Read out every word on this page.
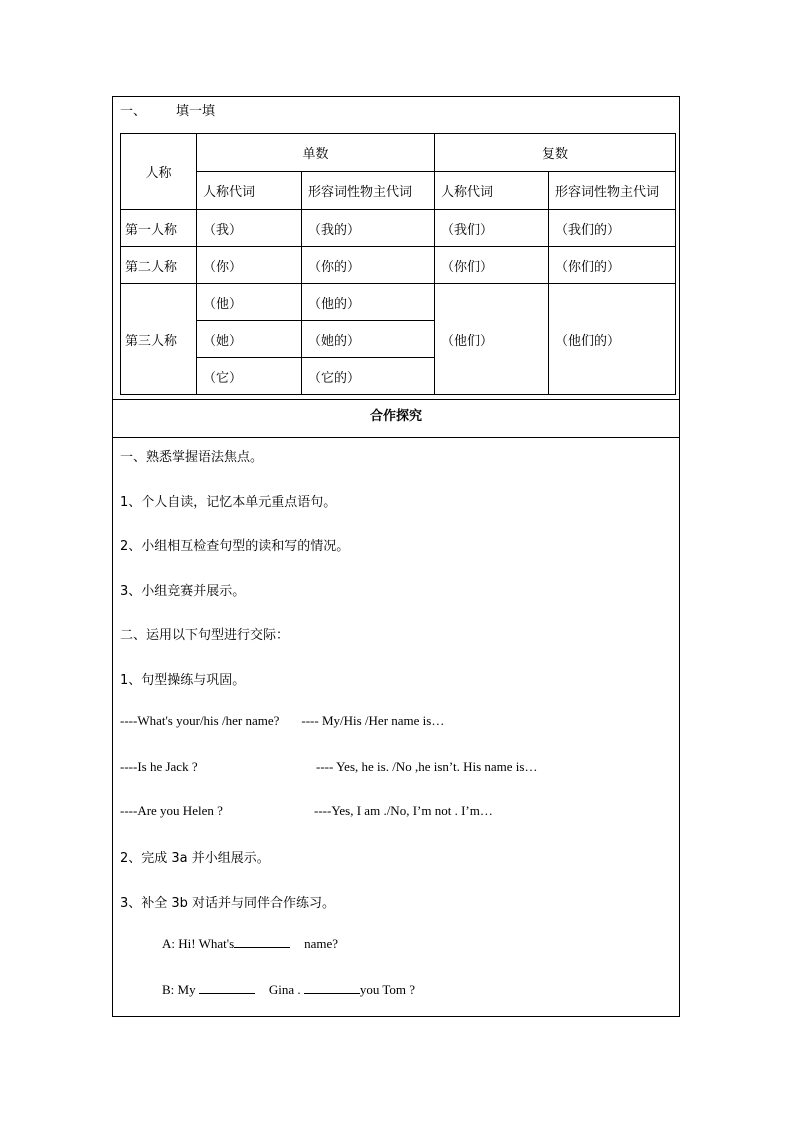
一、 填一填
人称	单数		复数	
	人称代词	形容词性物主代词	人称代词	形容词性物主代词
第一人称	（我）	（我的）	（我们）	（我们的）
第二人称	（你）	（你的）	（你们）	（你们的）
第三人称	（他）	（他的）	（他们）	（他们的）
	（她）	（她的）		
	（它）	（它的）		
合作探究
一、熟悉掌握语法焦点。
1、个人自读，记忆本单元重点语句。
2、小组相互检查句型的读和写的情况。
3、小组竞赛并展示。
二、运用以下句型进行交际：
1、句型操练与巩固。
----What's your/his /her name? ---- My/His /Her name is…
----Is he Jack ?	---- Yes, he is. /No ,he isn’t. His name is…
----Are you Helen ?	----Yes, I am ./No, I’m not . I’m…
2、完成 3a 并小组展示。
3、补全 3b 对话并与同伴合作练习。
A: Hi! What's	name?
B: My	Gina .	you Tom ?
